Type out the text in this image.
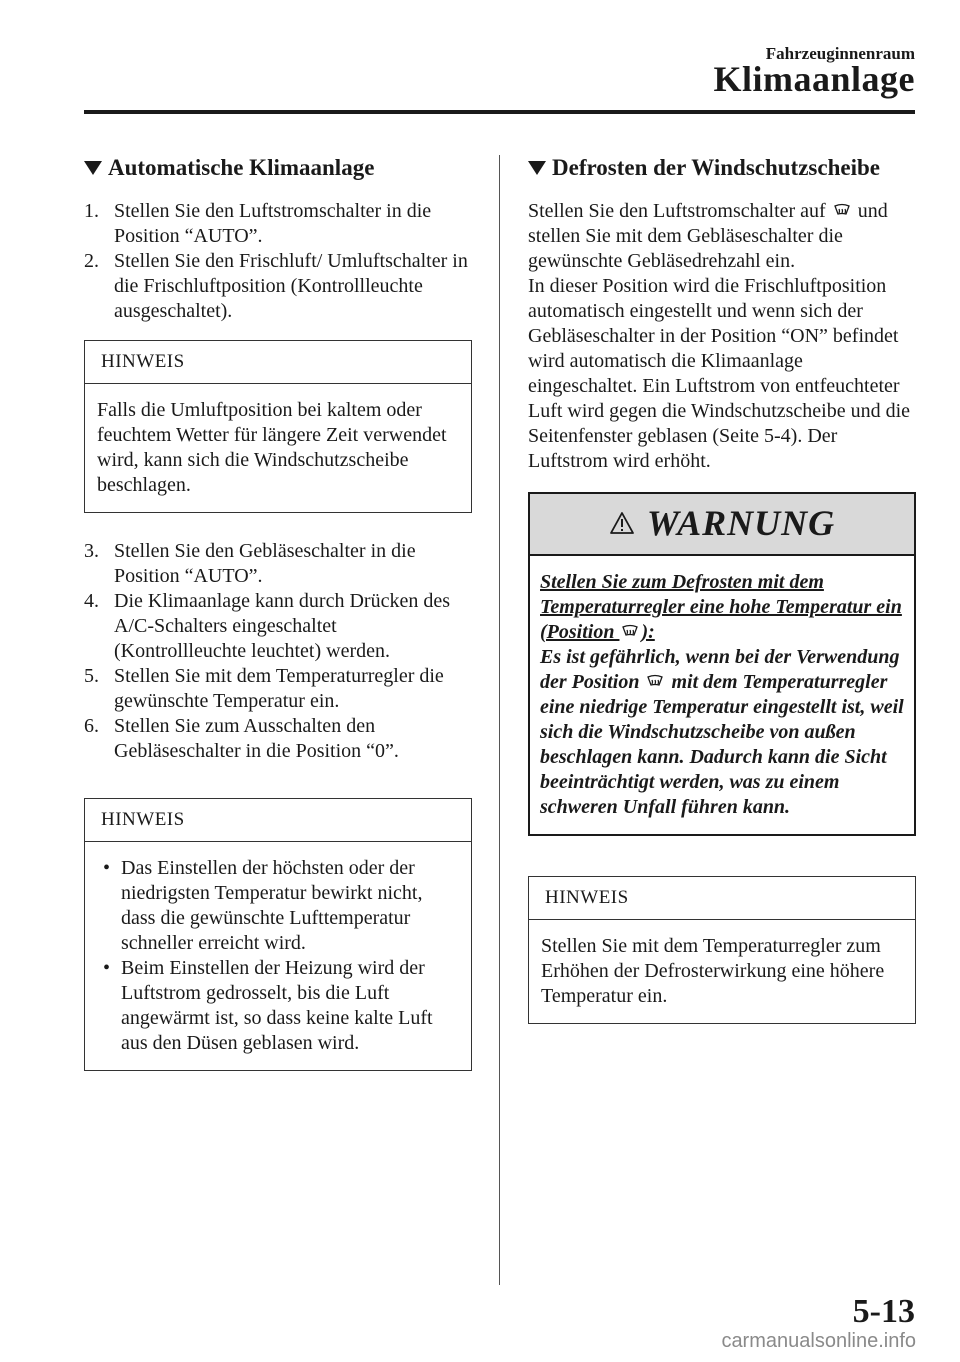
Fahrzeuginnenraum
Klimaanlage
Automatische Klimaanlage
1. Stellen Sie den Luftstromschalter in die Position “AUTO”.
2. Stellen Sie den Frischluft/ Umluftschalter in die Frischluftposition (Kontrollleuchte ausgeschaltet).
HINWEIS
Falls die Umluftposition bei kaltem oder feuchtem Wetter für längere Zeit verwendet wird, kann sich die Windschutzscheibe beschlagen.
3. Stellen Sie den Gebläseschalter in die Position “AUTO”.
4. Die Klimaanlage kann durch Drücken des A/C-Schalters eingeschaltet (Kontrollleuchte leuchtet) werden.
5. Stellen Sie mit dem Temperaturregler die gewünschte Temperatur ein.
6. Stellen Sie zum Ausschalten den Gebläseschalter in die Position “0”.
HINWEIS
• Das Einstellen der höchsten oder der niedrigsten Temperatur bewirkt nicht, dass die gewünschte Lufttemperatur schneller erreicht wird.
• Beim Einstellen der Heizung wird der Luftstrom gedrosselt, bis die Luft angewärmt ist, so dass keine kalte Luft aus den Düsen geblasen wird.
Defrosten der Windschutzscheibe
Stellen Sie den Luftstromschalter auf  und stellen Sie mit dem Gebläseschalter die gewünschte Gebläsedrehzahl ein.
In dieser Position wird die Frischluftposition automatisch eingestellt und wenn sich der Gebläseschalter in der Position “ON” befindet wird automatisch die Klimaanlage eingeschaltet. Ein Luftstrom von entfeuchteter Luft wird gegen die Windschutzscheibe und die Seitenfenster geblasen (Seite 5-4). Der Luftstrom wird erhöht.
WARNUNG
Stellen Sie zum Defrosten mit dem Temperaturregler eine hohe Temperatur ein (Position ):
Es ist gefährlich, wenn bei der Verwendung der Position  mit dem Temperaturregler eine niedrige Temperatur eingestellt ist, weil sich die Windschutzscheibe von außen beschlagen kann. Dadurch kann die Sicht beeinträchtigt werden, was zu einem schweren Unfall führen kann.
HINWEIS
Stellen Sie mit dem Temperaturregler zum Erhöhen der Defrosterwirkung eine höhere Temperatur ein.
5-13
carmanualsonline.info
